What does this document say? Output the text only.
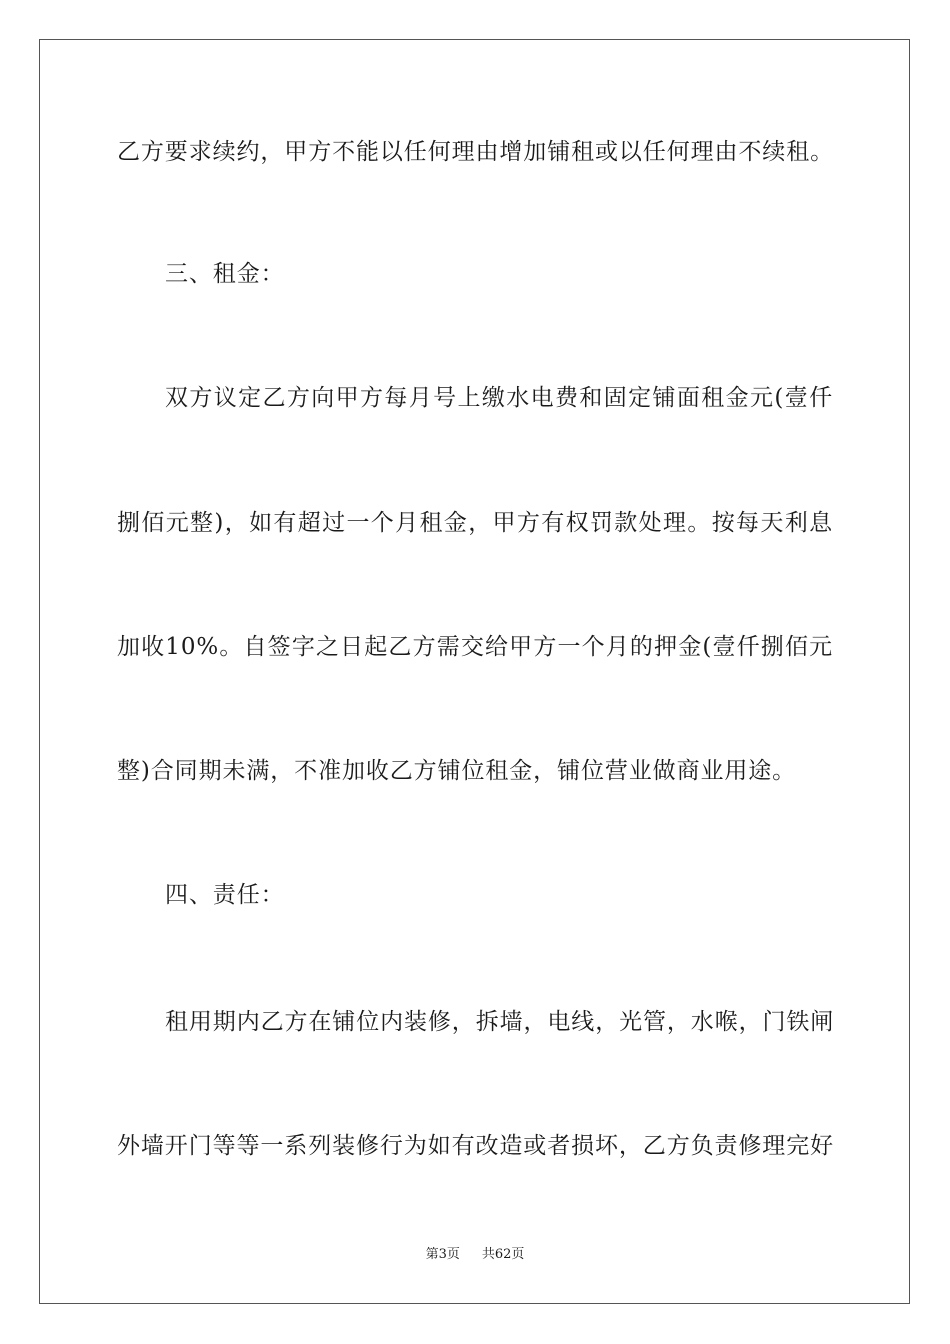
乙方要求续约，甲方不能以任何理由增加铺租或以任何理由不续租。
三、租金：
双方议定乙方向甲方每月号上缴水电费和固定铺面租金元(壹仟
捌佰元整)，如有超过一个月租金，甲方有权罚款处理。按每天利息
加收10%。自签字之日起乙方需交给甲方一个月的押金(壹仟捌佰元
整)合同期未满，不准加收乙方铺位租金，铺位营业做商业用途。
四、责任：
租用期内乙方在铺位内装修，拆墙，电线，光管，水喉，门铁闸
外墙开门等等一系列装修行为如有改造或者损坏，乙方负责修理完好
第3页 共62页
